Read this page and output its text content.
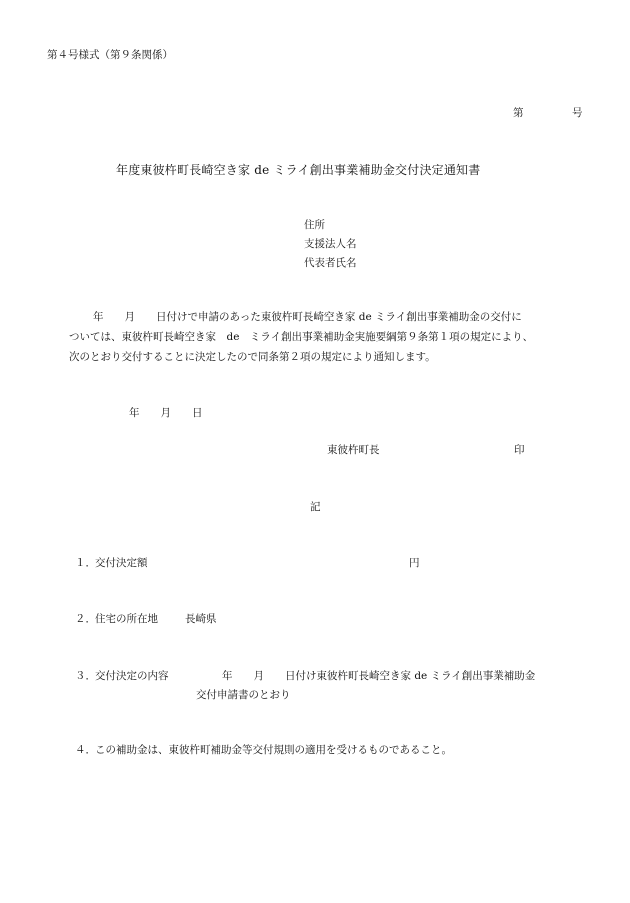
第４号様式（第９条関係）
第	号
年度東彼杵町長崎空き家 de ミライ創出事業補助金交付決定通知書
住所
支援法人名
代表者氏名
年　　月　　日付けで申請のあった東彼杵町長崎空き家 de ミライ創出事業補助金の交付に
ついては、東彼杵町長崎空き家　de　ミライ創出事業補助金実施要綱第９条第１項の規定により、
次のとおり交付することに決定したので同条第２項の規定により通知します。
年　　月　　日
東彼杵町長	印
記
１．交付決定額	円
２．住宅の所在地	長崎県
３．交付決定の内容	年　　月　　日付け東彼杵町長崎空き家 de ミライ創出事業補助金
交付申請書のとおり
４．この補助金は、東彼杵町補助金等交付規則の適用を受けるものであること。
